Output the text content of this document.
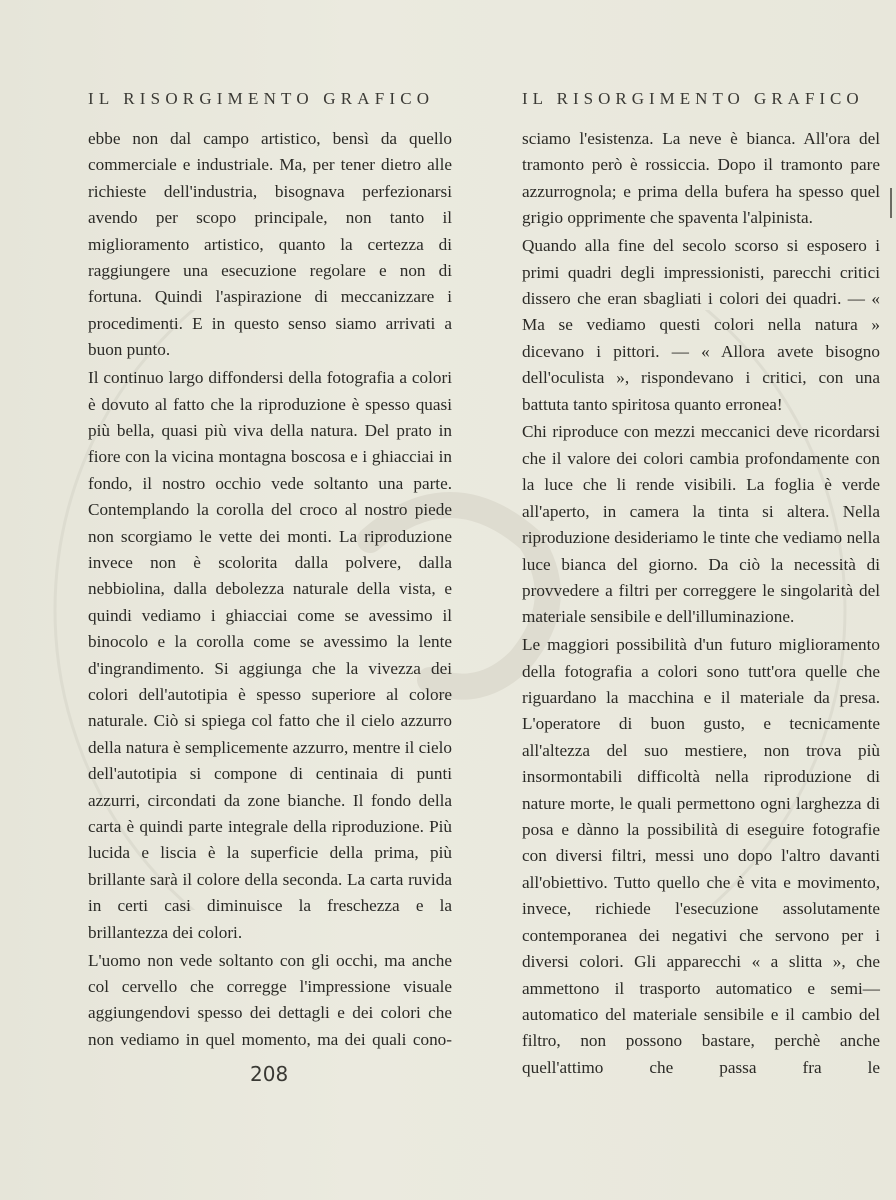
IL RISORGIMENTO GRAFICO	IL RISORGIMENTO GRAFICO

ebbe non dal campo artistico, bensì da quello commerciale e industriale. Ma, per tener dietro alle richieste dell'industria, bisognava perfezionarsi avendo per scopo principale, non tanto il miglioramento artistico, quanto la certezza di raggiungere una esecuzione regolare e non di fortuna. Quindi l'aspirazione di meccanizzare i procedimenti. E in questo senso siamo arrivati a buon punto.

Il continuo largo diffondersi della fotografia a colori è dovuto al fatto che la riproduzione è spesso quasi più bella, quasi più viva della natura. Del prato in fiore con la vicina montagna boscosa e i ghiacciai in fondo, il nostro occhio vede soltanto una parte. Contemplando la corolla del croco al nostro piede non scorgiamo le vette dei monti. La riproduzione invece non è scolorita dalla polvere, dalla nebbiolina, dalla debolezza naturale della vista, e quindi vediamo i ghiacciai come se avessimo il binocolo e la corolla come se avessimo la lente d'ingrandimento. Si aggiunga che la vivezza dei colori dell'autotipia è spesso superiore al colore naturale. Ciò si spiega col fatto che il cielo azzurro della natura è semplicemente azzurro, mentre il cielo dell'autotipia si compone di centinaia di punti azzurri, circondati da zone bianche. Il fondo della carta è quindi parte integrale della riproduzione. Più lucida e liscia è la superficie della prima, più brillante sarà il colore della seconda. La carta ruvida in certi casi diminuisce la freschezza e la brillantezza dei colori.

L'uomo non vede soltanto con gli occhi, ma anche col cervello che corregge l'impressione visuale aggiungendovi spesso dei dettagli e dei colori che non vediamo in quel momento, ma dei quali cono-

sciamo l'esistenza. La neve è bianca. All'ora del tramonto però è rossiccia. Dopo il tramonto pare azzurrognola; e prima della bufera ha spesso quel grigio opprimente che spaventa l'alpinista.

Quando alla fine del secolo scorso si esposero i primi quadri degli impressionisti, parecchi critici dissero che eran sbagliati i colori dei quadri. — « Ma se vediamo questi colori nella natura » dicevano i pittori. — « Allora avete bisogno dell'oculista », rispondevano i critici, con una battuta tanto spiritosa quanto erronea!

Chi riproduce con mezzi meccanici deve ricordarsi che il valore dei colori cambia profondamente con la luce che li rende visibili. La foglia è verde all'aperto, in camera la tinta si altera. Nella riproduzione desideriamo le tinte che vediamo nella luce bianca del giorno. Da ciò la necessità di provvedere a filtri per correggere le singolarità del materiale sensibile e dell'illuminazione.

Le maggiori possibilità d'un futuro miglioramento della fotografia a colori sono tutt'ora quelle che riguardano la macchina e il materiale da presa. L'operatore di buon gusto, e tecnicamente all'altezza del suo mestiere, non trova più insormontabili difficoltà nella riproduzione di nature morte, le quali permettono ogni larghezza di posa e dànno la possibilità di eseguire fotografie con diversi filtri, messi uno dopo l'altro davanti all'obiettivo. Tutto quello che è vita e movimento, invece, richiede l'esecuzione assolutamente contemporanea dei negativi che servono per i diversi colori. Gli apparecchi « a slitta », che ammettono il trasporto automatico e semi—automatico del materiale sensibile e il cambio del filtro, non possono bastare, perchè anche quell'attimo che passa fra le

208
